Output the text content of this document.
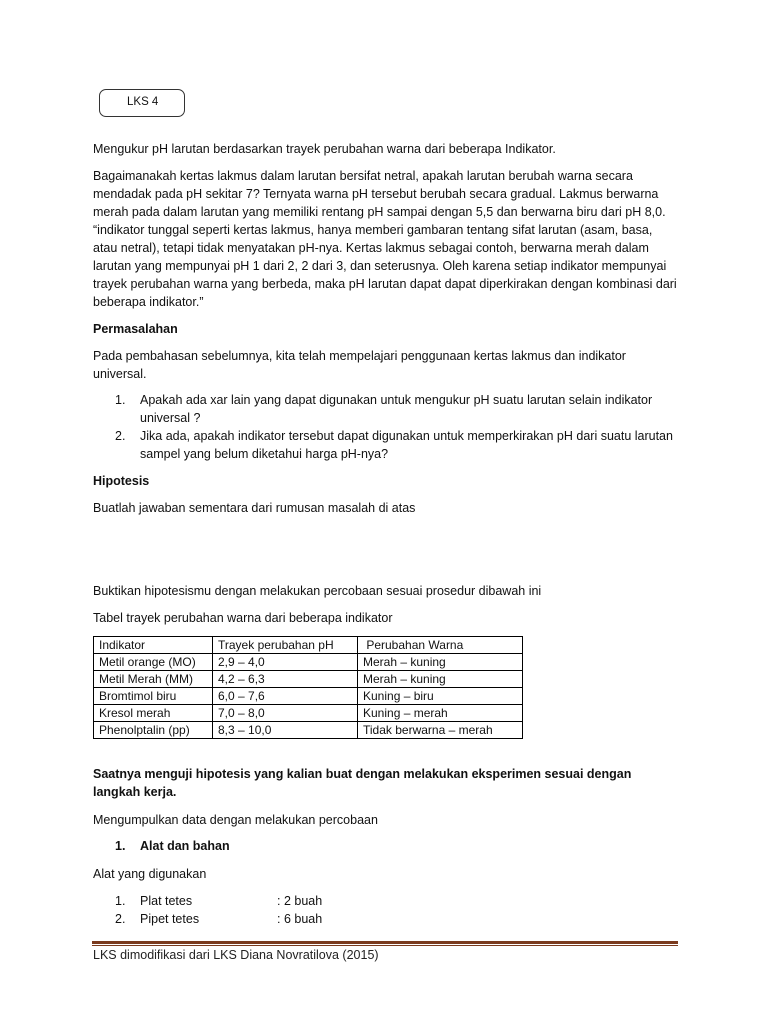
LKS 4
Mengukur pH larutan berdasarkan trayek perubahan warna dari beberapa Indikator.
Bagaimanakah kertas lakmus dalam larutan bersifat netral, apakah larutan berubah warna secara mendadak pada pH sekitar 7? Ternyata warna pH tersebut berubah secara gradual. Lakmus berwarna merah pada dalam larutan yang memiliki rentang pH sampai dengan 5,5 dan berwarna biru dari pH 8,0. “indikator tunggal seperti kertas lakmus, hanya memberi gambaran tentang sifat larutan (asam, basa, atau netral), tetapi tidak menyatakan pH-nya. Kertas lakmus sebagai contoh, berwarna merah dalam larutan yang mempunyai pH 1 dari 2, 2 dari 3, dan seterusnya. Oleh karena setiap indikator mempunyai trayek perubahan warna yang berbeda, maka pH larutan dapat dapat diperkirakan dengan kombinasi dari beberapa indikator.”
Permasalahan
Pada pembahasan sebelumnya, kita telah mempelajari penggunaan kertas lakmus dan indikator universal.
1.	Apakah ada xar lain yang dapat digunakan untuk mengukur pH suatu larutan selain indikator universal ?
2.	Jika ada, apakah indikator tersebut dapat digunakan untuk memperkirakan pH dari suatu larutan sampel yang belum diketahui harga pH-nya?
Hipotesis
Buatlah jawaban sementara dari rumusan masalah di atas
Buktikan hipotesismu dengan melakukan percobaan sesuai prosedur dibawah ini
Tabel trayek perubahan warna dari beberapa indikator
Indikator	Trayek perubahan pH	Perubahan Warna
Metil orange (MO)	2,9 – 4,0	Merah – kuning
Metil Merah (MM)	4,2 – 6,3	Merah – kuning
Bromtimol biru	6,0 – 7,6	Kuning – biru
Kresol merah	7,0 – 8,0	Kuning – merah
Phenolptalin (pp)	8,3 – 10,0	Tidak berwarna – merah
Saatnya menguji hipotesis yang kalian buat dengan melakukan eksperimen sesuai dengan langkah kerja.
Mengumpulkan data dengan melakukan percobaan
1.	Alat dan bahan
Alat yang digunakan
1.	Plat tetes	: 2 buah
2.	Pipet tetes	: 6 buah
LKS dimodifikasi dari LKS Diana Novratilova (2015)
